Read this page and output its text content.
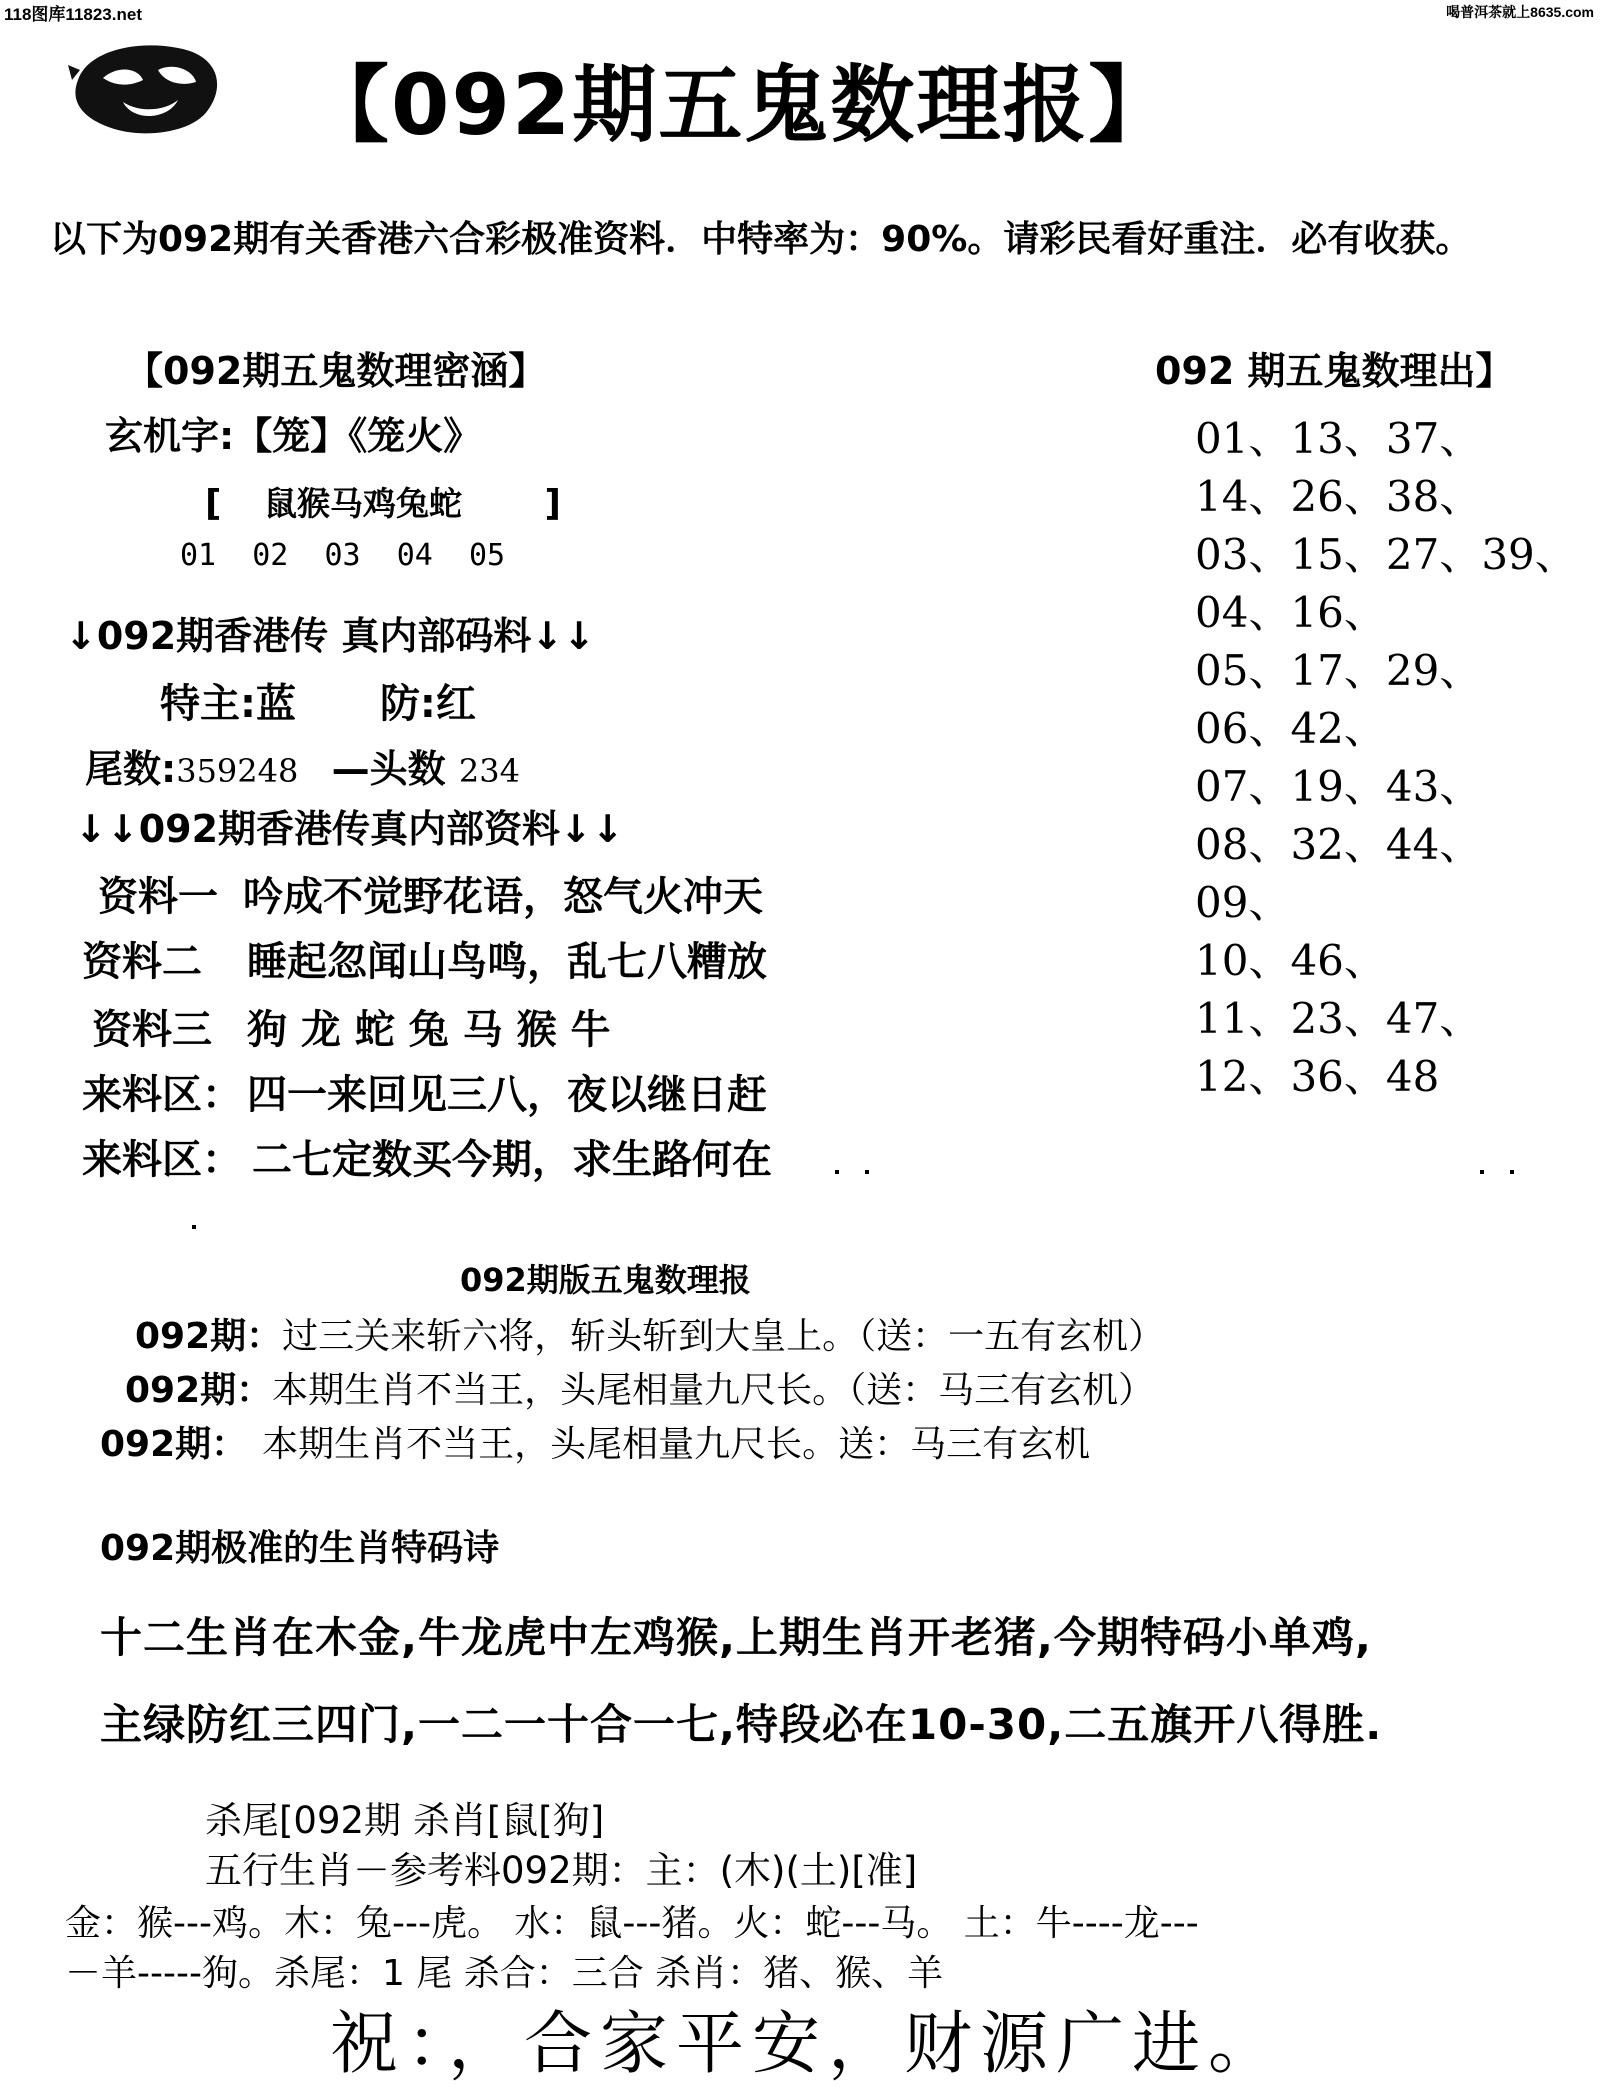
118图库11823.net	喝普洱茶就上8635.com
【092期五鬼数理报】
以下为092期有关香港六合彩极准资料．中特率为：90%。请彩民看好重注．必有收获。
【092期五鬼数理密涵】
玄机字:【笼】《笼火》
[ 鼠猴马鸡兔蛇 ]
01  02  03  04  05
↓092期香港传 真内部码料↓↓
特主:蓝 防:红
尾数:359248 —头数 234
↓↓092期香港传真内部资料↓↓
资料一 吟成不觉野花语，怒气火冲天
资料二 睡起忽闻山鸟鸣，乱七八糟放
资料三 狗 龙 蛇 兔 马 猴 牛
来料区： 四一来回见三八，夜以继日赶
来料区： 二七定数买今期，求生路何在
092 期五鬼数理出】
01、13、37、
14、26、38、
03、15、27、39、
04、16、
05、17、29、
06、42、
07、19、43、
08、32、44、
09、
10、46、
11、23、47、
12、36、48
092期版五鬼数理报
092期：过三关来斩六将，斩头斩到大皇上。（送：一五有玄机）
092期：本期生肖不当王，头尾相量九尺长。（送：马三有玄机）
092期： 本期生肖不当王，头尾相量九尺长。送：马三有玄机
092期极准的生肖特码诗
十二生肖在木金,牛龙虎中左鸡猴,上期生肖开老猪,今期特码小单鸡,
主绿防红三四门,一二一十合一七,特段必在10-30,二五旗开八得胜.
杀尾[092期 杀肖[鼠[狗]
五行生肖－参考料092期：主：(木)(土)[准]
金：猴---鸡。木：兔---虎。 水：鼠---猪。火：蛇---马。 土：牛----龙---
－羊-----狗。杀尾：1 尾 杀合：三合 杀肖：猪、猴、羊
祝：，合家平安，财源广进。
